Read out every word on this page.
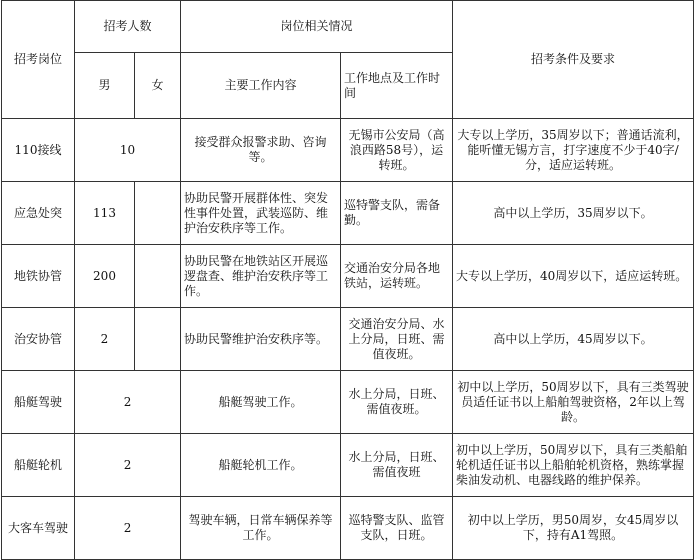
招考岗位	招考人数		岗位相关情况		招考条件及要求
	男	女	主要工作内容	工作地点及工作时间	
110接线	10		接受群众报警求助、咨询等。	无锡市公安局（高浪西路58号），运转班。	大专以上学历，35周岁以下；普通话流利，能听懂无锡方言，打字速度不少于40字/分，适应运转班。
应急处突	113		协助民警开展群体性、突发性事件处置，武装巡防、维护治安秩序等工作。	巡特警支队，需备勤。	高中以上学历，35周岁以下。
地铁协管	200		协助民警在地铁站区开展巡逻盘查、维护治安秩序等工作。	交通治安分局各地铁站，运转班。	大专以上学历，40周岁以下，适应运转班。
治安协管	2		协助民警维护治安秩序等。	交通治安分局、水上分局，日班、需值夜班。	高中以上学历，45周岁以下。
船艇驾驶	2		船艇驾驶工作。	水上分局，日班、需值夜班。	初中以上学历，50周岁以下，具有三类驾驶员适任证书以上船舶驾驶资格，2年以上驾龄。
船艇轮机	2		船艇轮机工作。	水上分局，日班、需值夜班	初中以上学历，50周岁以下，具有三类船舶轮机适任证书以上船舶轮机资格，熟练掌握柴油发动机、电器线路的维护保养。
大客车驾驶	2		驾驶车辆，日常车辆保养等工作。	巡特警支队、监管支队，日班。	初中以上学历，男50周岁，女45周岁以下，持有A1驾照。
